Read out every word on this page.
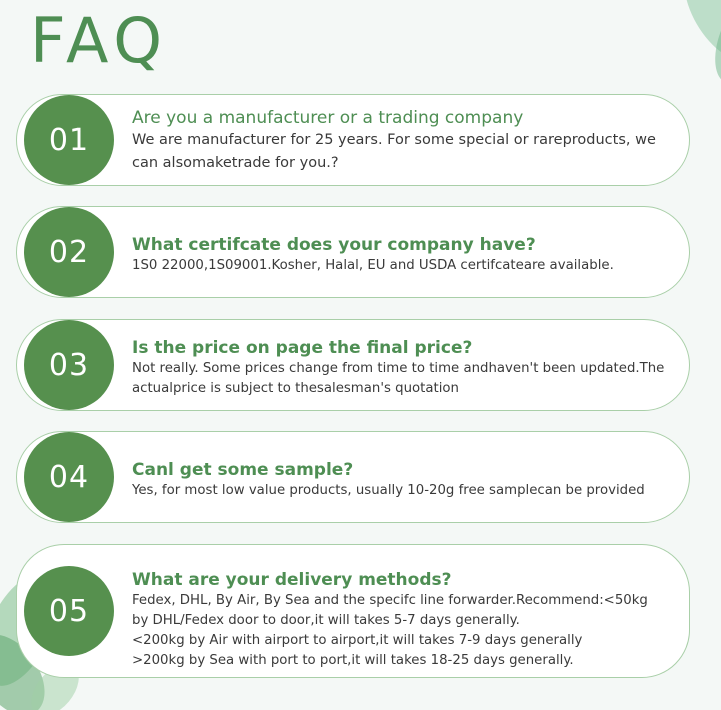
FAQ
01
Are you a manufacturer or a trading company
We are manufacturer for 25 years. For some special or rareproducts, we
can alsomaketrade for you.?
02	What certifcate does your company have?
1S0 22000,1S09001.Kosher, Halal, EU and USDA certifcateare available.
03	Is the price on page the final price?
Not really. Some prices change from time to time andhaven't been updated.The
actualprice is subject to thesalesman's quotation
04	Canl get some sample?
Yes, for most low value products, usually 10-20g free samplecan be provided
05
What are your delivery methods?
Fedex, DHL, By Air, By Sea and the specifc line forwarder.Recommend:<50kg
by DHL/Fedex door to door,it will takes 5-7 days generally.
<200kg by Air with airport to airport,it will takes 7-9 days generally
>200kg by Sea with port to port,it will takes 18-25 days generally.
